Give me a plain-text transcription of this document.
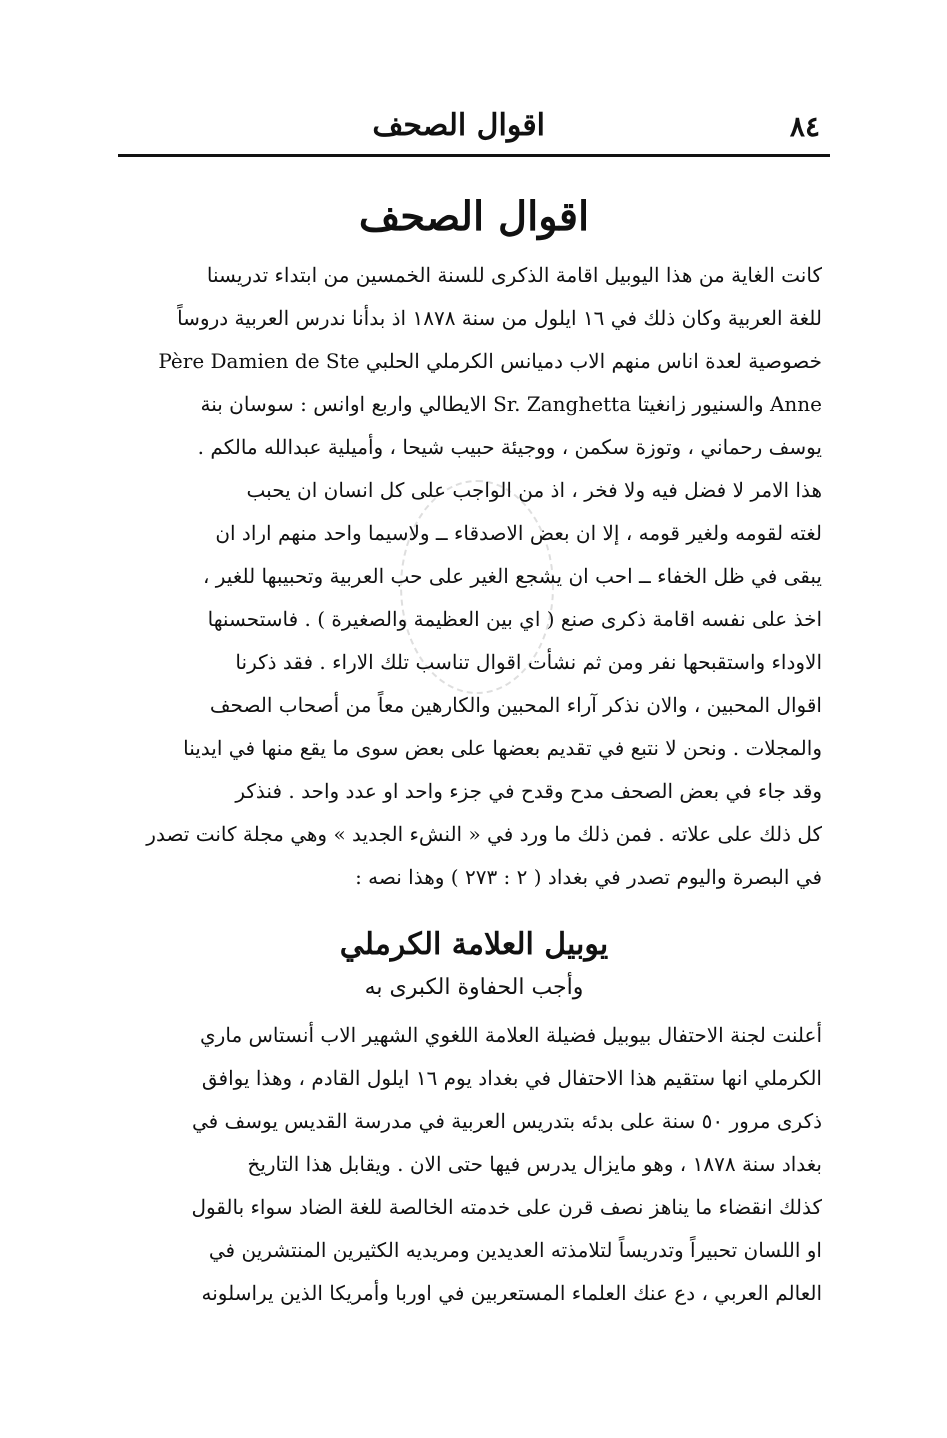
٨٤
اقوال الصحف
اقوال الصحف
كانت الغاية من هذا اليوبيل اقامة الذكرى للسنة الخمسين من ابتداء تدريسنا
للغة العربية وكان ذلك في ١٦ ايلول من سنة ١٨٧٨ اذ بدأنا ندرس العربية دروساً
خصوصية لعدة اناس منهم الاب دميانس الكرملي الحلبي Père Damien de Ste
Anne والسنيور زانغيتا Sr. Zanghetta الايطالي واربع اوانس : سوسان بنة
يوسف رحماني ، وتوزة سكمن ، ووجيئة حبيب شيحا ، وأميلية عبدالله مالكم .
هذا الامر لا فضل فيه ولا فخر ، اذ من الواجب على كل انسان ان يحبب
لغته لقومه ولغير قومه ، إلا ان بعض الاصدقاء ــ ولاسيما واحد منهم اراد ان
يبقى في ظل الخفاء ــ احب ان يشجع الغير على حب العربية وتحبيبها للغير ،
اخذ على نفسه اقامة ذكرى صنع ( اي بين العظيمة والصغيرة ) . فاستحسنها
الاوداء واستقبحها نفر ومن ثم نشأت اقوال تناسب تلك الاراء . فقد ذكرنا
اقوال المحبين ، والان نذكر آراء المحبين والكارهين معاً من أصحاب الصحف
والمجلات . ونحن لا نتبع في تقديم بعضها على بعض سوى ما يقع منها في ايدينا
وقد جاء في بعض الصحف مدح وقدح في جزء واحد او عدد واحد . فنذكر
كل ذلك على علاته . فمن ذلك ما ورد في « النشء الجديد » وهي مجلة كانت تصدر
في البصرة واليوم تصدر في بغداد ( ٢ : ٢٧٣ ) وهذا نصه :
يوبيل العلامة الكرملي
وأجب الحفاوة الكبرى به
أعلنت لجنة الاحتفال بيوبيل فضيلة العلامة اللغوي الشهير الاب أنستاس ماري
الكرملي انها ستقيم هذا الاحتفال في بغداد يوم ١٦ ايلول القادم ، وهذا يوافق
ذكرى مرور ٥٠ سنة على بدئه بتدريس العربية في مدرسة القديس يوسف في
بغداد سنة ١٨٧٨ ، وهو مايزال يدرس فيها حتى الان . ويقابل هذا التاريخ
كذلك انقضاء ما يناهز نصف قرن على خدمته الخالصة للغة الضاد سواء بالقول
او اللسان تحبيراً وتدريساً لتلامذته العديدين ومريديه الكثيرين المنتشرين في
العالم العربي ، دع عنك العلماء المستعربين في اوربا وأمريكا الذين يراسلونه
